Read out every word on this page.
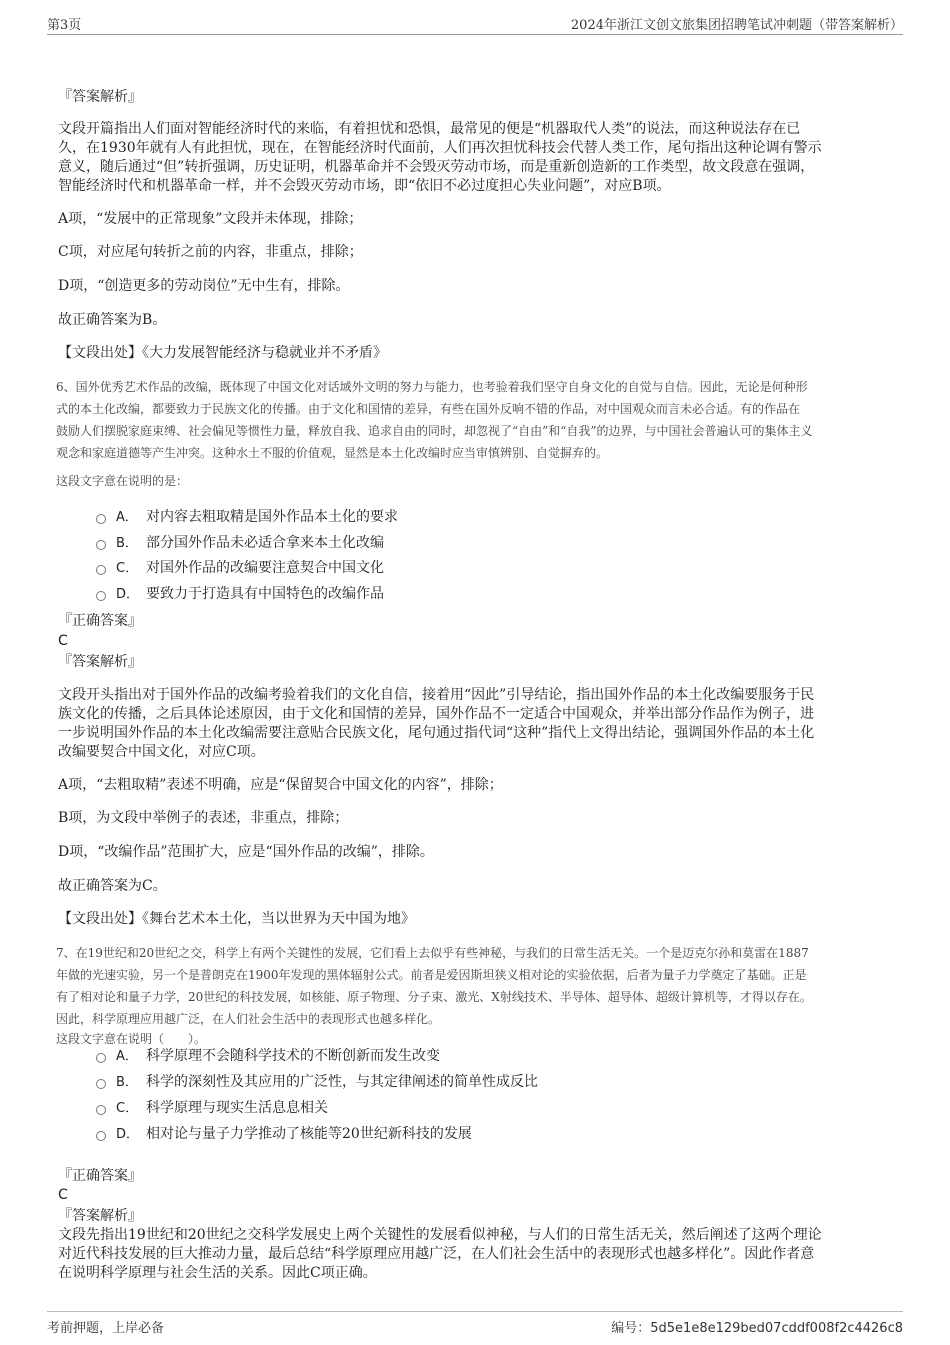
第3页	2024年浙江文创文旅集团招聘笔试冲刺题（带答案解析）
『答案解析』
文段开篇指出人们面对智能经济时代的来临，有着担忧和恐惧，最常见的便是“机器取代人类”的说法，而这种说法存在已
久，在1930年就有人有此担忧，现在，在智能经济时代面前，人们再次担忧科技会代替人类工作，尾句指出这种论调有警示
意义，随后通过“但”转折强调，历史证明，机器革命并不会毁灭劳动市场，而是重新创造新的工作类型，故文段意在强调，
智能经济时代和机器革命一样，并不会毁灭劳动市场，即“依旧不必过度担心失业问题”，对应B项。
A项，“发展中的正常现象”文段并未体现，排除；
C项，对应尾句转折之前的内容，非重点，排除；
D项，“创造更多的劳动岗位”无中生有，排除。
故正确答案为B。
【文段出处】《大力发展智能经济与稳就业并不矛盾》
6、国外优秀艺术作品的改编，既体现了中国文化对话域外文明的努力与能力，也考验着我们坚守自身文化的自觉与自信。因此，无论是何种形
式的本土化改编，都要致力于民族文化的传播。由于文化和国情的差异，有些在国外反响不错的作品，对中国观众而言未必合适。有的作品在
鼓励人们摆脱家庭束缚、社会偏见等惯性力量，释放自我、追求自由的同时，却忽视了“自由”和“自我”的边界，与中国社会普遍认可的集体主义
观念和家庭道德等产生冲突。这种水土不服的价值观，显然是本土化改编时应当审慎辨别、自觉摒弃的。
这段文字意在说明的是：
A． 对内容去粗取精是国外作品本土化的要求
B． 部分国外作品未必适合拿来本土化改编
C． 对国外作品的改编要注意契合中国文化
D． 要致力于打造具有中国特色的改编作品
『正确答案』
C
『答案解析』
文段开头指出对于国外作品的改编考验着我们的文化自信，接着用“因此”引导结论，指出国外作品的本土化改编要服务于民
族文化的传播，之后具体论述原因，由于文化和国情的差异，国外作品不一定适合中国观众，并举出部分作品作为例子，进
一步说明国外作品的本土化改编需要注意贴合民族文化，尾句通过指代词“这种”指代上文得出结论，强调国外作品的本土化
改编要契合中国文化，对应C项。
A项，“去粗取精”表述不明确，应是“保留契合中国文化的内容”，排除；
B项，为文段中举例子的表述，非重点，排除；
D项，“改编作品”范围扩大，应是“国外作品的改编”，排除。
故正确答案为C。
【文段出处】《舞台艺术本土化，当以世界为天中国为地》
7、在19世纪和20世纪之交，科学上有两个关键性的发展，它们看上去似乎有些神秘，与我们的日常生活无关。一个是迈克尔孙和莫雷在1887
年做的光速实验，另一个是普朗克在1900年发现的黑体辐射公式。前者是爱因斯坦狭义相对论的实验依据，后者为量子力学奠定了基础。正是
有了相对论和量子力学，20世纪的科技发展，如核能、原子物理、分子束、激光、X射线技术、半导体、超导体、超级计算机等，才得以存在。
因此，科学原理应用越广泛，在人们社会生活中的表现形式也越多样化。
这段文字意在说明（　　）。
A． 科学原理不会随科学技术的不断创新而发生改变
B． 科学的深刻性及其应用的广泛性，与其定律阐述的简单性成反比
C． 科学原理与现实生活息息相关
D． 相对论与量子力学推动了核能等20世纪新科技的发展
『正确答案』
C
『答案解析』
文段先指出19世纪和20世纪之交科学发展史上两个关键性的发展看似神秘，与人们的日常生活无关，然后阐述了这两个理论
对近代科技发展的巨大推动力量，最后总结“科学原理应用越广泛，在人们社会生活中的表现形式也越多样化”。因此作者意
在说明科学原理与社会生活的关系。因此C项正确。
考前押题，上岸必备	编号：5d5e1e8e129bed07cddf008f2c4426c8
